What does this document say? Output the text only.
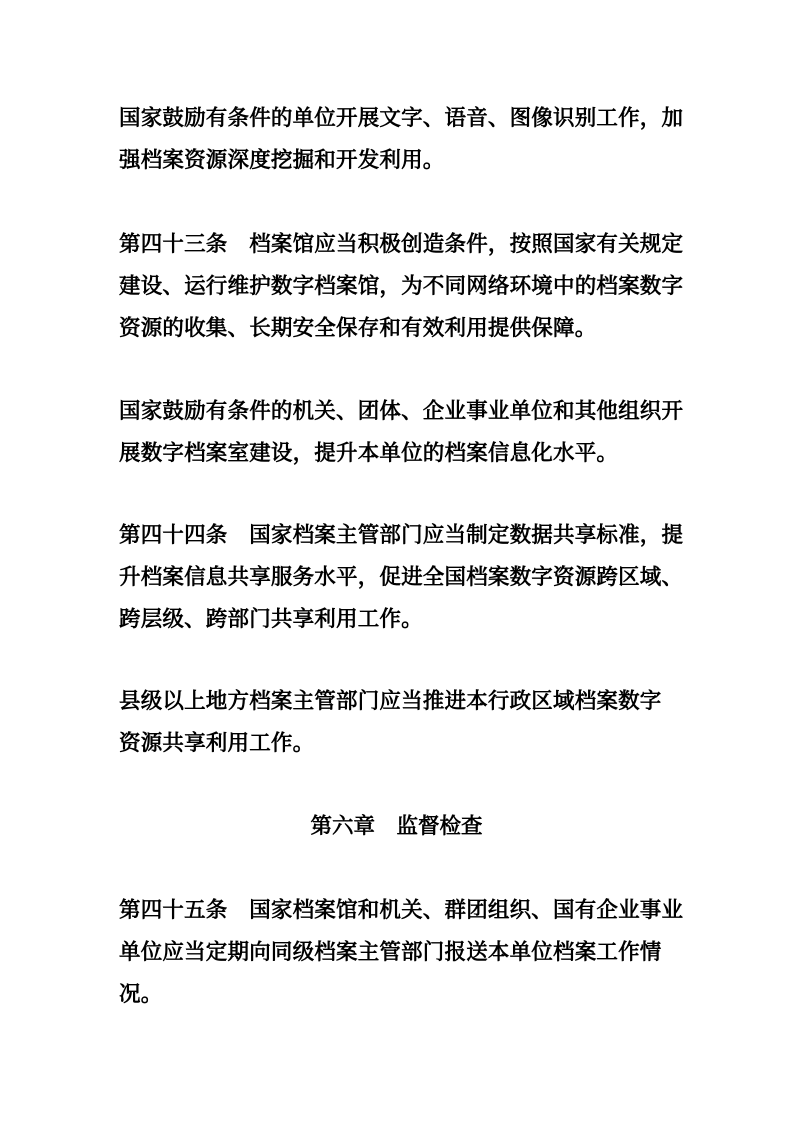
国家鼓励有条件的单位开展文字、语音、图像识别工作，加
强档案资源深度挖掘和开发利用。
第四十三条　档案馆应当积极创造条件，按照国家有关规定
建设、运行维护数字档案馆，为不同网络环境中的档案数字
资源的收集、长期安全保存和有效利用提供保障。
国家鼓励有条件的机关、团体、企业事业单位和其他组织开
展数字档案室建设，提升本单位的档案信息化水平。
第四十四条　国家档案主管部门应当制定数据共享标准，提
升档案信息共享服务水平，促进全国档案数字资源跨区域、
跨层级、跨部门共享利用工作。
县级以上地方档案主管部门应当推进本行政区域档案数字
资源共享利用工作。
第六章　监督检查
第四十五条　国家档案馆和机关、群团组织、国有企业事业
单位应当定期向同级档案主管部门报送本单位档案工作情
况。
